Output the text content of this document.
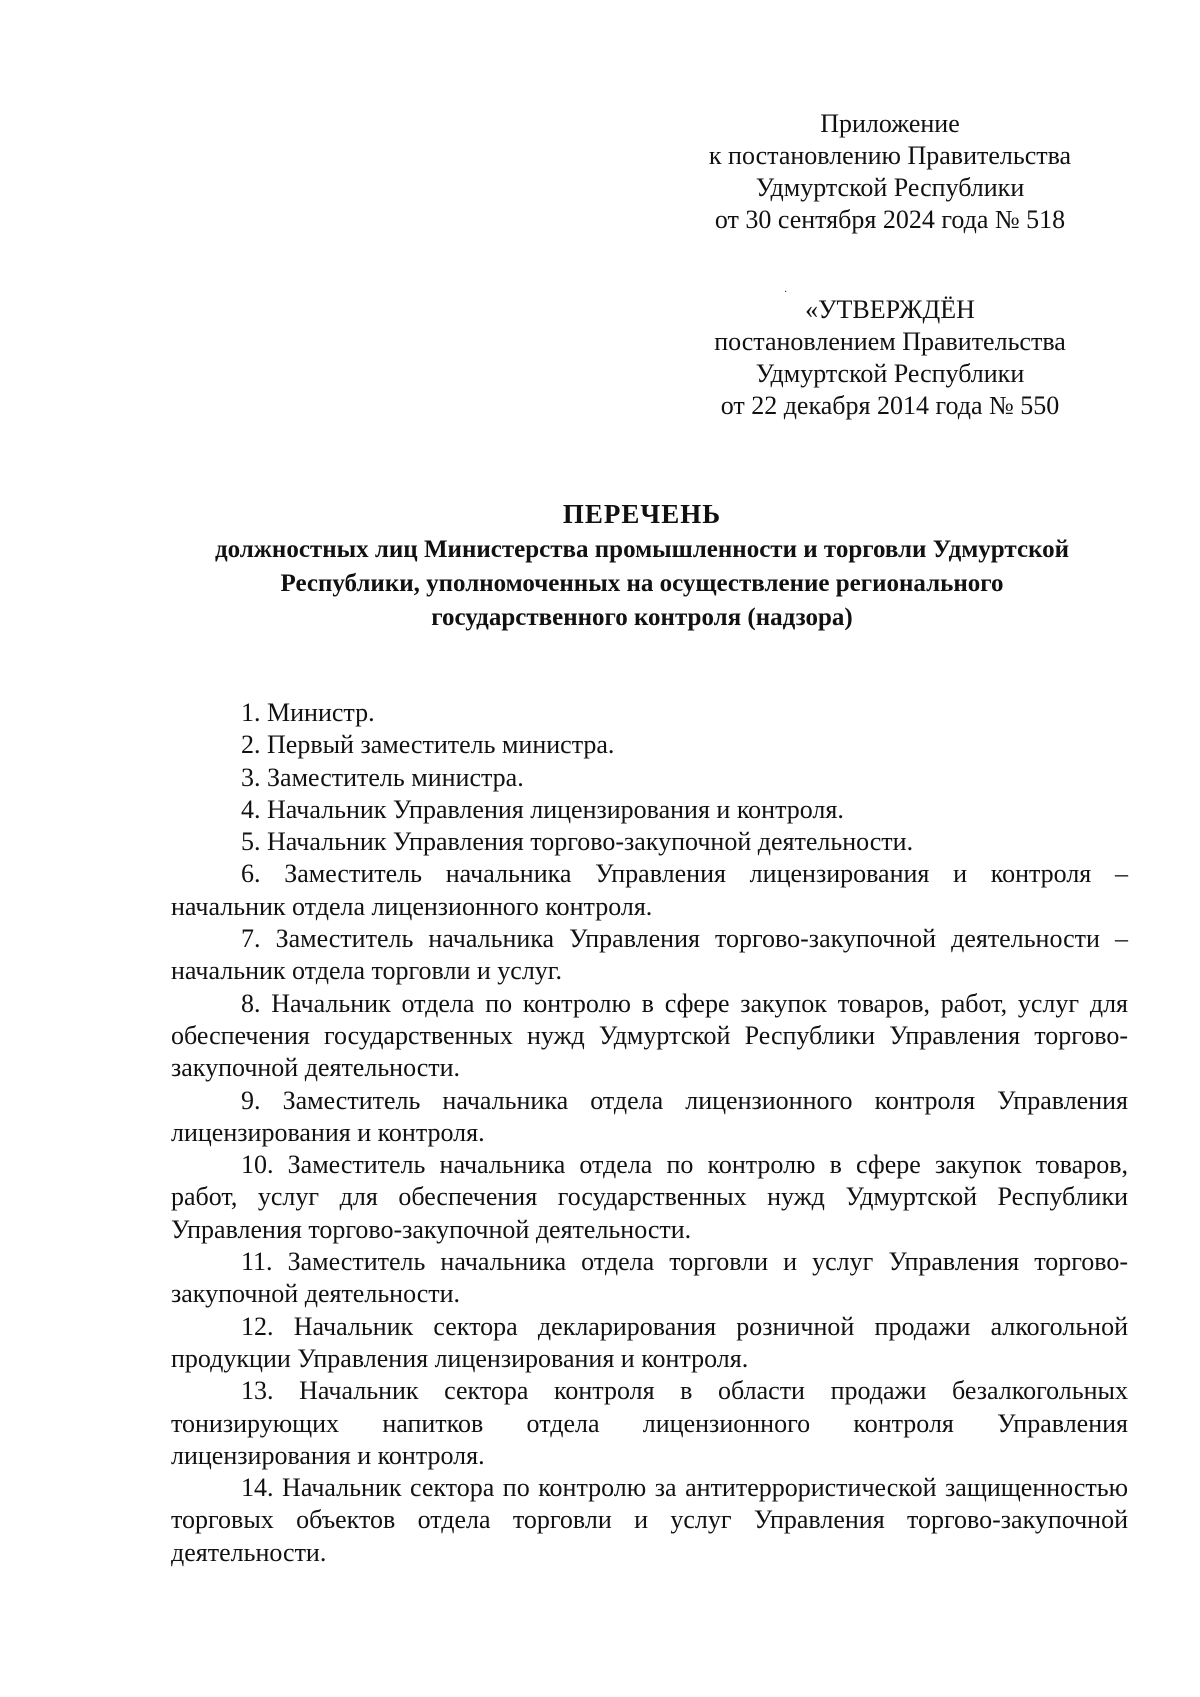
Приложение
к постановлению Правительства
Удмуртской Республики
от 30 сентября 2024 года № 518
·
«УТВЕРЖДЁН
постановлением Правительства
Удмуртской Республики
от 22 декабря 2014 года № 550
ПЕРЕЧЕНЬ
должностных лиц Министерства промышленности и торговли Удмуртской
Республики, уполномоченных на осуществление регионального
государственного контроля (надзора)

1. Министр.

2. Первый заместитель министра.

3. Заместитель министра.

4. Начальник Управления лицензирования и контроля.

5. Начальник Управления торгово-закупочной деятельности.

6. Заместитель начальника Управления лицензирования и контроля – начальник отдела лицензионного контроля.

7. Заместитель начальника Управления торгово-закупочной деятельности – начальник отдела торговли и услуг.

8. Начальник отдела по контролю в сфере закупок товаров, работ, услуг для обеспечения государственных нужд Удмуртской Республики Управления торгово-закупочной деятельности.

9. Заместитель начальника отдела лицензионного контроля Управления лицензирования и контроля.

10. Заместитель начальника отдела по контролю в сфере закупок товаров, работ, услуг для обеспечения государственных нужд Удмуртской Республики Управления торгово-закупочной деятельности.

11. Заместитель начальника отдела торговли и услуг Управления торгово-закупочной деятельности.

12. Начальник сектора декларирования розничной продажи алкогольной продукции Управления лицензирования и контроля.

13. Начальник сектора контроля в области продажи безалкогольных тонизирующих напитков отдела лицензионного контроля Управления лицензирования и контроля.

14. Начальник сектора по контролю за антитеррористической защищенностью торговых объектов отдела торговли и услуг Управления торгово-закупочной деятельности.
